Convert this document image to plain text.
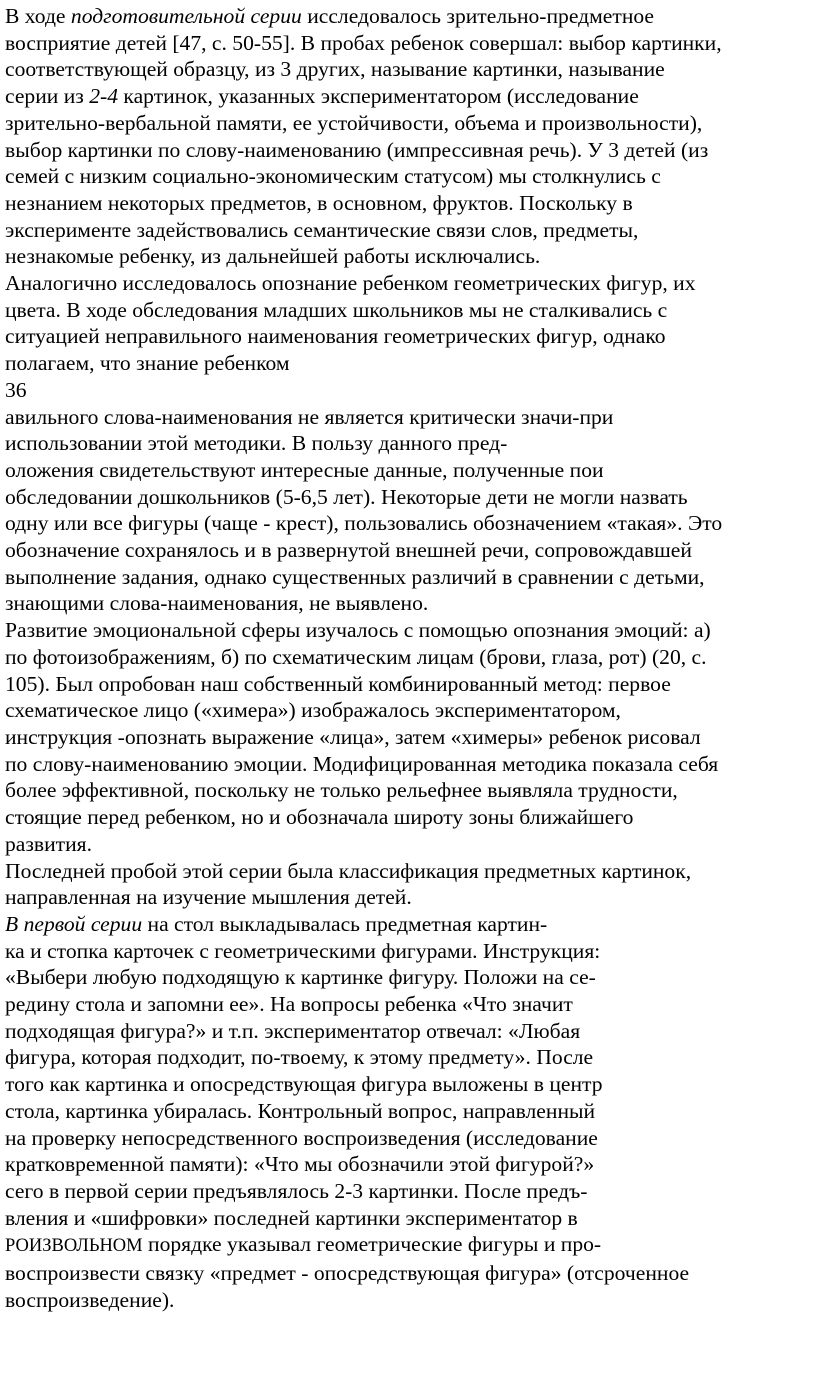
В ходе подготовительной серии исследовалось зрительно-предметное
восприятие детей [47, с. 50-55]. В пробах ребенок совершал: выбор картинки,
соответствующей образцу, из 3 других, называние картинки, называние
серии из 2-4 картинок, указанных экспериментатором (исследование
зрительно-вербальной памяти, ее устойчивости, объема и произвольности),
выбор картинки по слову-наименованию (импрессивная речь). У 3 детей (из
семей с низким социально-экономическим статусом) мы столкнулись с
незнанием некоторых предметов, в основном, фруктов. Поскольку в
эксперименте задействовались семантические связи слов, предметы,
незнакомые ребенку, из дальнейшей работы исключались.
Аналогично исследовалось опознание ребенком геометрических фигур, их
цвета. В ходе обследования младших школьников мы не сталкивались с
ситуацией неправильного наименования геометрических фигур, однако
полагаем, что знание ребенком
36
авильного слова-наименования не является критически значи-при
использовании этой методики. В пользу данного пред-
оложения свидетельствуют интересные данные, полученные пои
обследовании дошкольников (5-6,5 лет). Некоторые дети не могли назвать
одну или все фигуры (чаще - крест), пользовались обозначением «такая». Это
обозначение сохранялось и в развернутой внешней речи, сопровождавшей
выполнение задания, однако существенных различий в сравнении с детьми,
знающими слова-наименования, не выявлено.
Развитие эмоциональной сферы изучалось с помощью опознания эмоций: а)
по фотоизображениям, б) по схематическим лицам (брови, глаза, рот) (20, с.
105). Был опробован наш собственный комбинированный метод: первое
схематическое лицо («химера») изображалось экспериментатором,
инструкция -опознать выражение «лица», затем «химеры» ребенок рисовал
по слову-наименованию эмоции. Модифицированная методика показала себя
более эффективной, поскольку не только рельефнее выявляла трудности,
стоящие перед ребенком, но и обозначала широту зоны ближайшего
развития.
Последней пробой этой серии была классификация предметных картинок,
направленная на изучение мышления детей.
В первой серии на стол выкладывалась предметная картин-
ка и стопка карточек с геометрическими фигурами. Инструкция:
«Выбери любую подходящую к картинке фигуру. Положи на се-
редину стола и запомни ее». На вопросы ребенка «Что значит
подходящая фигура?» и т.п. экспериментатор отвечал: «Любая
фигура, которая подходит, по-твоему, к этому предмету». После
того как картинка и опосредствующая фигура выложены в центр
стола, картинка убиралась. Контрольный вопрос, направленный
на проверку непосредственного воспроизведения (исследование
кратковременной памяти): «Что мы обозначили этой фигурой?»
сего в первой серии предъявлялось 2-3 картинки. После предъ-
вления и «шифровки» последней картинки экспериментатор в
РОИЗВОЛЬНОМ порядке указывал геометрические фигуры и про-
воспроизвести связку «предмет - опосредствующая фигура» (отсроченное
воспроизведение).
